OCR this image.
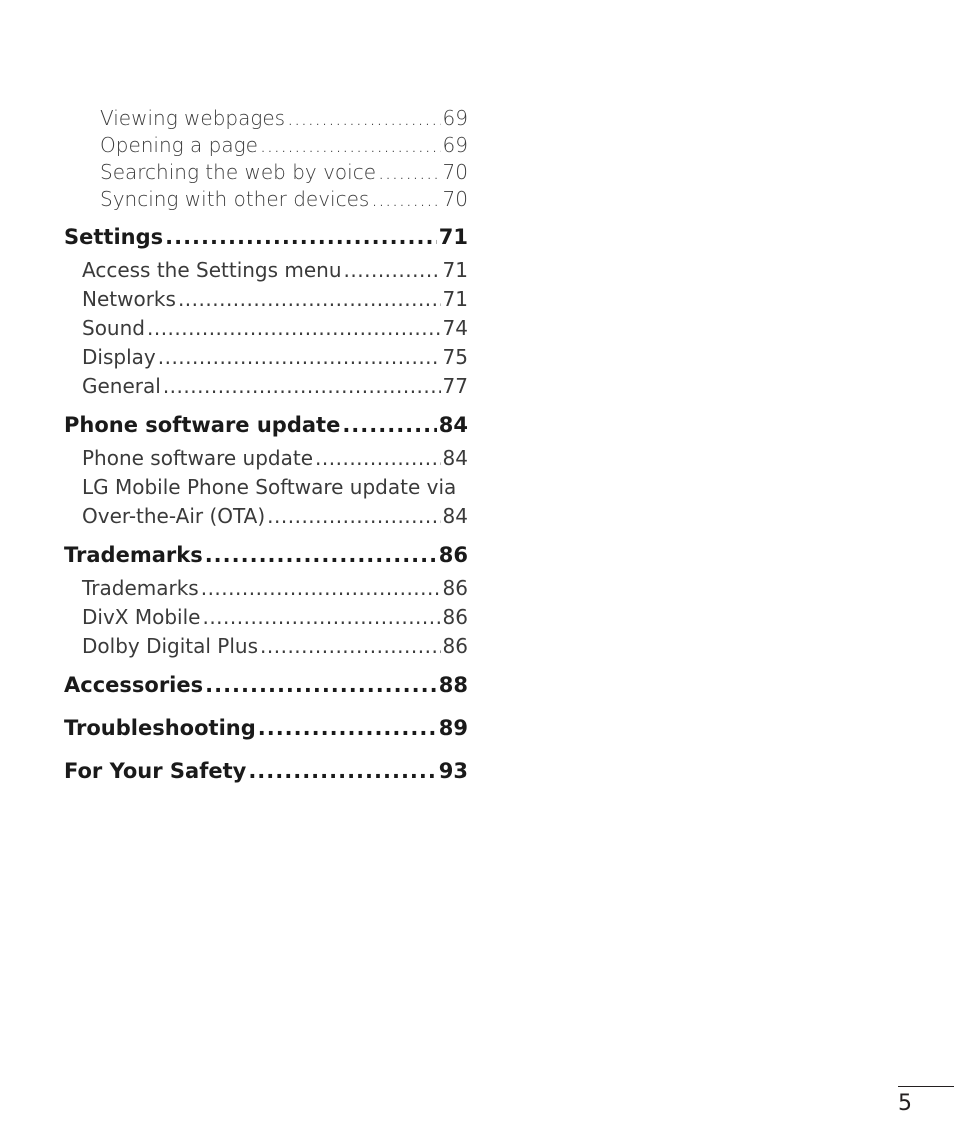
Viewing webpages .....	69
Opening a page .....	69
Searching the web by voice .....	70
Syncing with other devices .....	70
Settings .....	71
Access the Settings menu .....	71
Networks .....	71
Sound .....	74
Display .....	75
General .....	77
Phone software update .....	84
Phone software update .....	84
LG Mobile Phone Software update via
Over-the-Air (OTA) .....	84
Trademarks .....	86
Trademarks .....	86
DivX Mobile .....	86
Dolby Digital Plus .....	86
Accessories .....	88
Troubleshooting .....	89
For Your Safety .....	93
5
